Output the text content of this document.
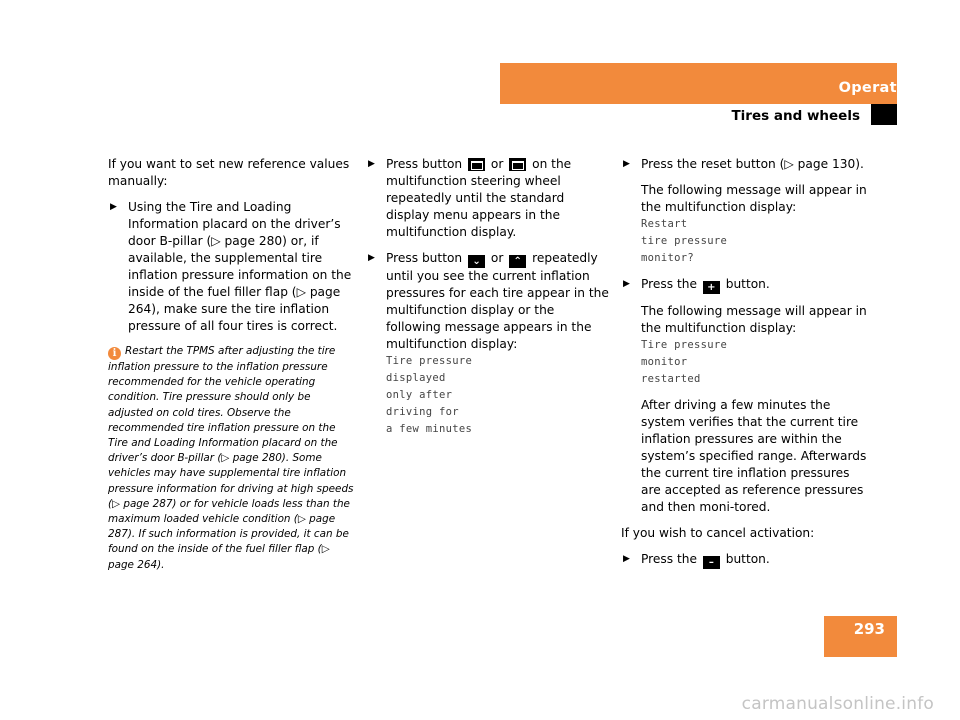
Operation
Tires and wheels

If you want to set new reference values manually:

▶ Using the Tire and Loading Information placard on the driver’s door B-pillar (▷ page 280) or, if available, the supplemental tire inflation pressure information on the inside of the fuel filler flap (▷ page 264), make sure the tire inflation pressure of all four tires is correct.
i Restart the TPMS after adjusting the tire inflation pressure to the inflation pressure recommended for the vehicle operating condition. Tire pressure should only be adjusted on cold tires. Observe the recommended tire inflation pressure on the Tire and Loading Information placard on the driver’s door B-pillar (▷ page 280). Some vehicles may have supplemental tire inflation pressure information for driving at high speeds (▷ page 287) or for vehicle loads less than the maximum loaded vehicle condition (▷ page 287). If such information is provided, it can be found on the inside of the fuel filler flap (▷ page 264).
▶ Press button or on the multifunction steering wheel repeatedly until the standard display menu appears in the multifunction display.
▶ Press button ⌄ or ⌃ repeatedly until you see the current inflation pressures for each tire appear in the multifunction display or the following message appears in the multifunction display:
Tire pressure
displayed
only after
driving for
a few minutes
▶ Press the reset button (▷ page 130).
The following message will appear in the multifunction display:
Restart
tire pressure
monitor?
▶ Press the + button.
The following message will appear in the multifunction display:
Tire pressure
monitor
restarted
After driving a few minutes the system verifies that the current tire inflation pressures are within the system’s specified range. Afterwards the current tire inflation pressures are accepted as reference pressures and then moni-tored.

If you wish to cancel activation:

▶ Press the – button.
293
carmanualsonline.info
